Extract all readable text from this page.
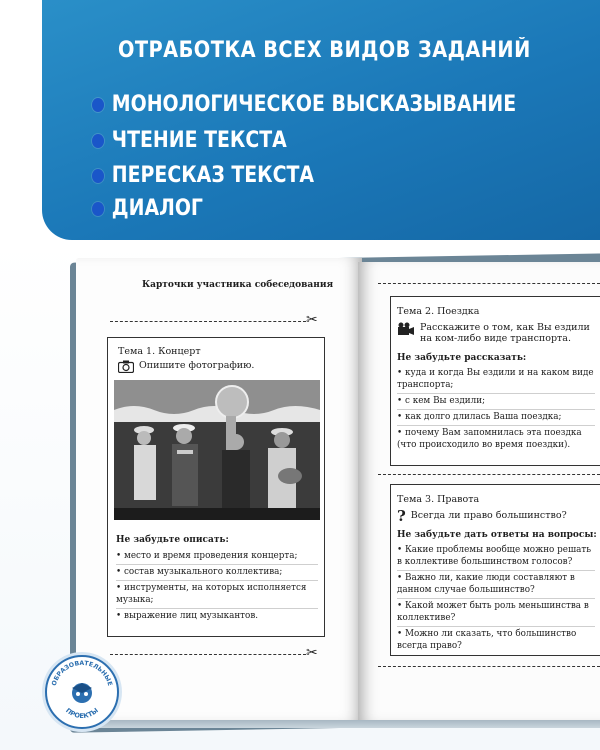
ОТРАБОТКА ВСЕХ ВИДОВ ЗАДАНИЙ
МОНОЛОГИЧЕСКОЕ ВЫСКАЗЫВАНИЕ
ЧТЕНИЕ ТЕКСТА
ПЕРЕСКАЗ ТЕКСТА
ДИАЛОГ
Карточки участника собеседования
✂
Тема 1. Концерт
Опишите фотографию.
Не забудьте описать:
• место и время проведения концерта;
• состав музыкального коллектива;
• инструменты, на которых исполняется музыка;
• выражение лиц музыкантов.
✂
Тема 2. Поездка
Расскажите о том, как Вы ездили на ком-либо виде транспорта.
Не забудьте рассказать:
• куда и когда Вы ездили и на каком виде транспорта;
• с кем Вы ездили;
• как долго длилась Ваша поездка;
• почему Вам запомнилась эта поездка (что происходило во время поездки).
Тема 3. Правота
? Всегда ли право большинство?
Не забудьте дать ответы на вопросы:
• Какие проблемы вообще можно решать в коллективе большинством голосов?
• Важно ли, какие люди составляют в данном случае большинство?
• Какой может быть роль меньшинства в коллективе?
• Можно ли сказать, что большинство всегда право?
ОБРАЗОВАТЕЛЬНЫЕ
ПРОЕКТЫ
